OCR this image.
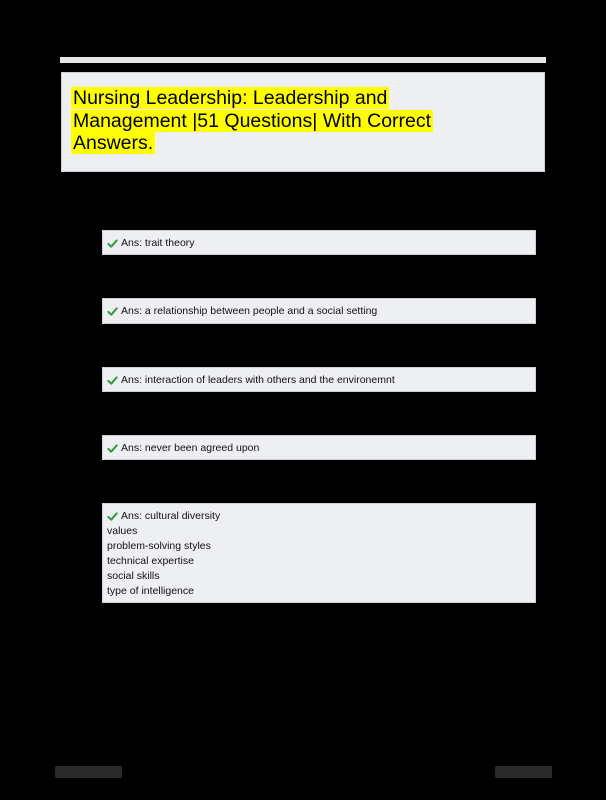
Nursing Leadership: Leadership and Management |51 Questions| With Correct Answers.
Ans: trait theory
Ans: a relationship between people and a social setting
Ans: interaction of leaders with others and the environemnt
Ans: never been agreed upon
Ans: cultural diversity
values
problem-solving styles
technical expertise
social skills
type of intelligence
